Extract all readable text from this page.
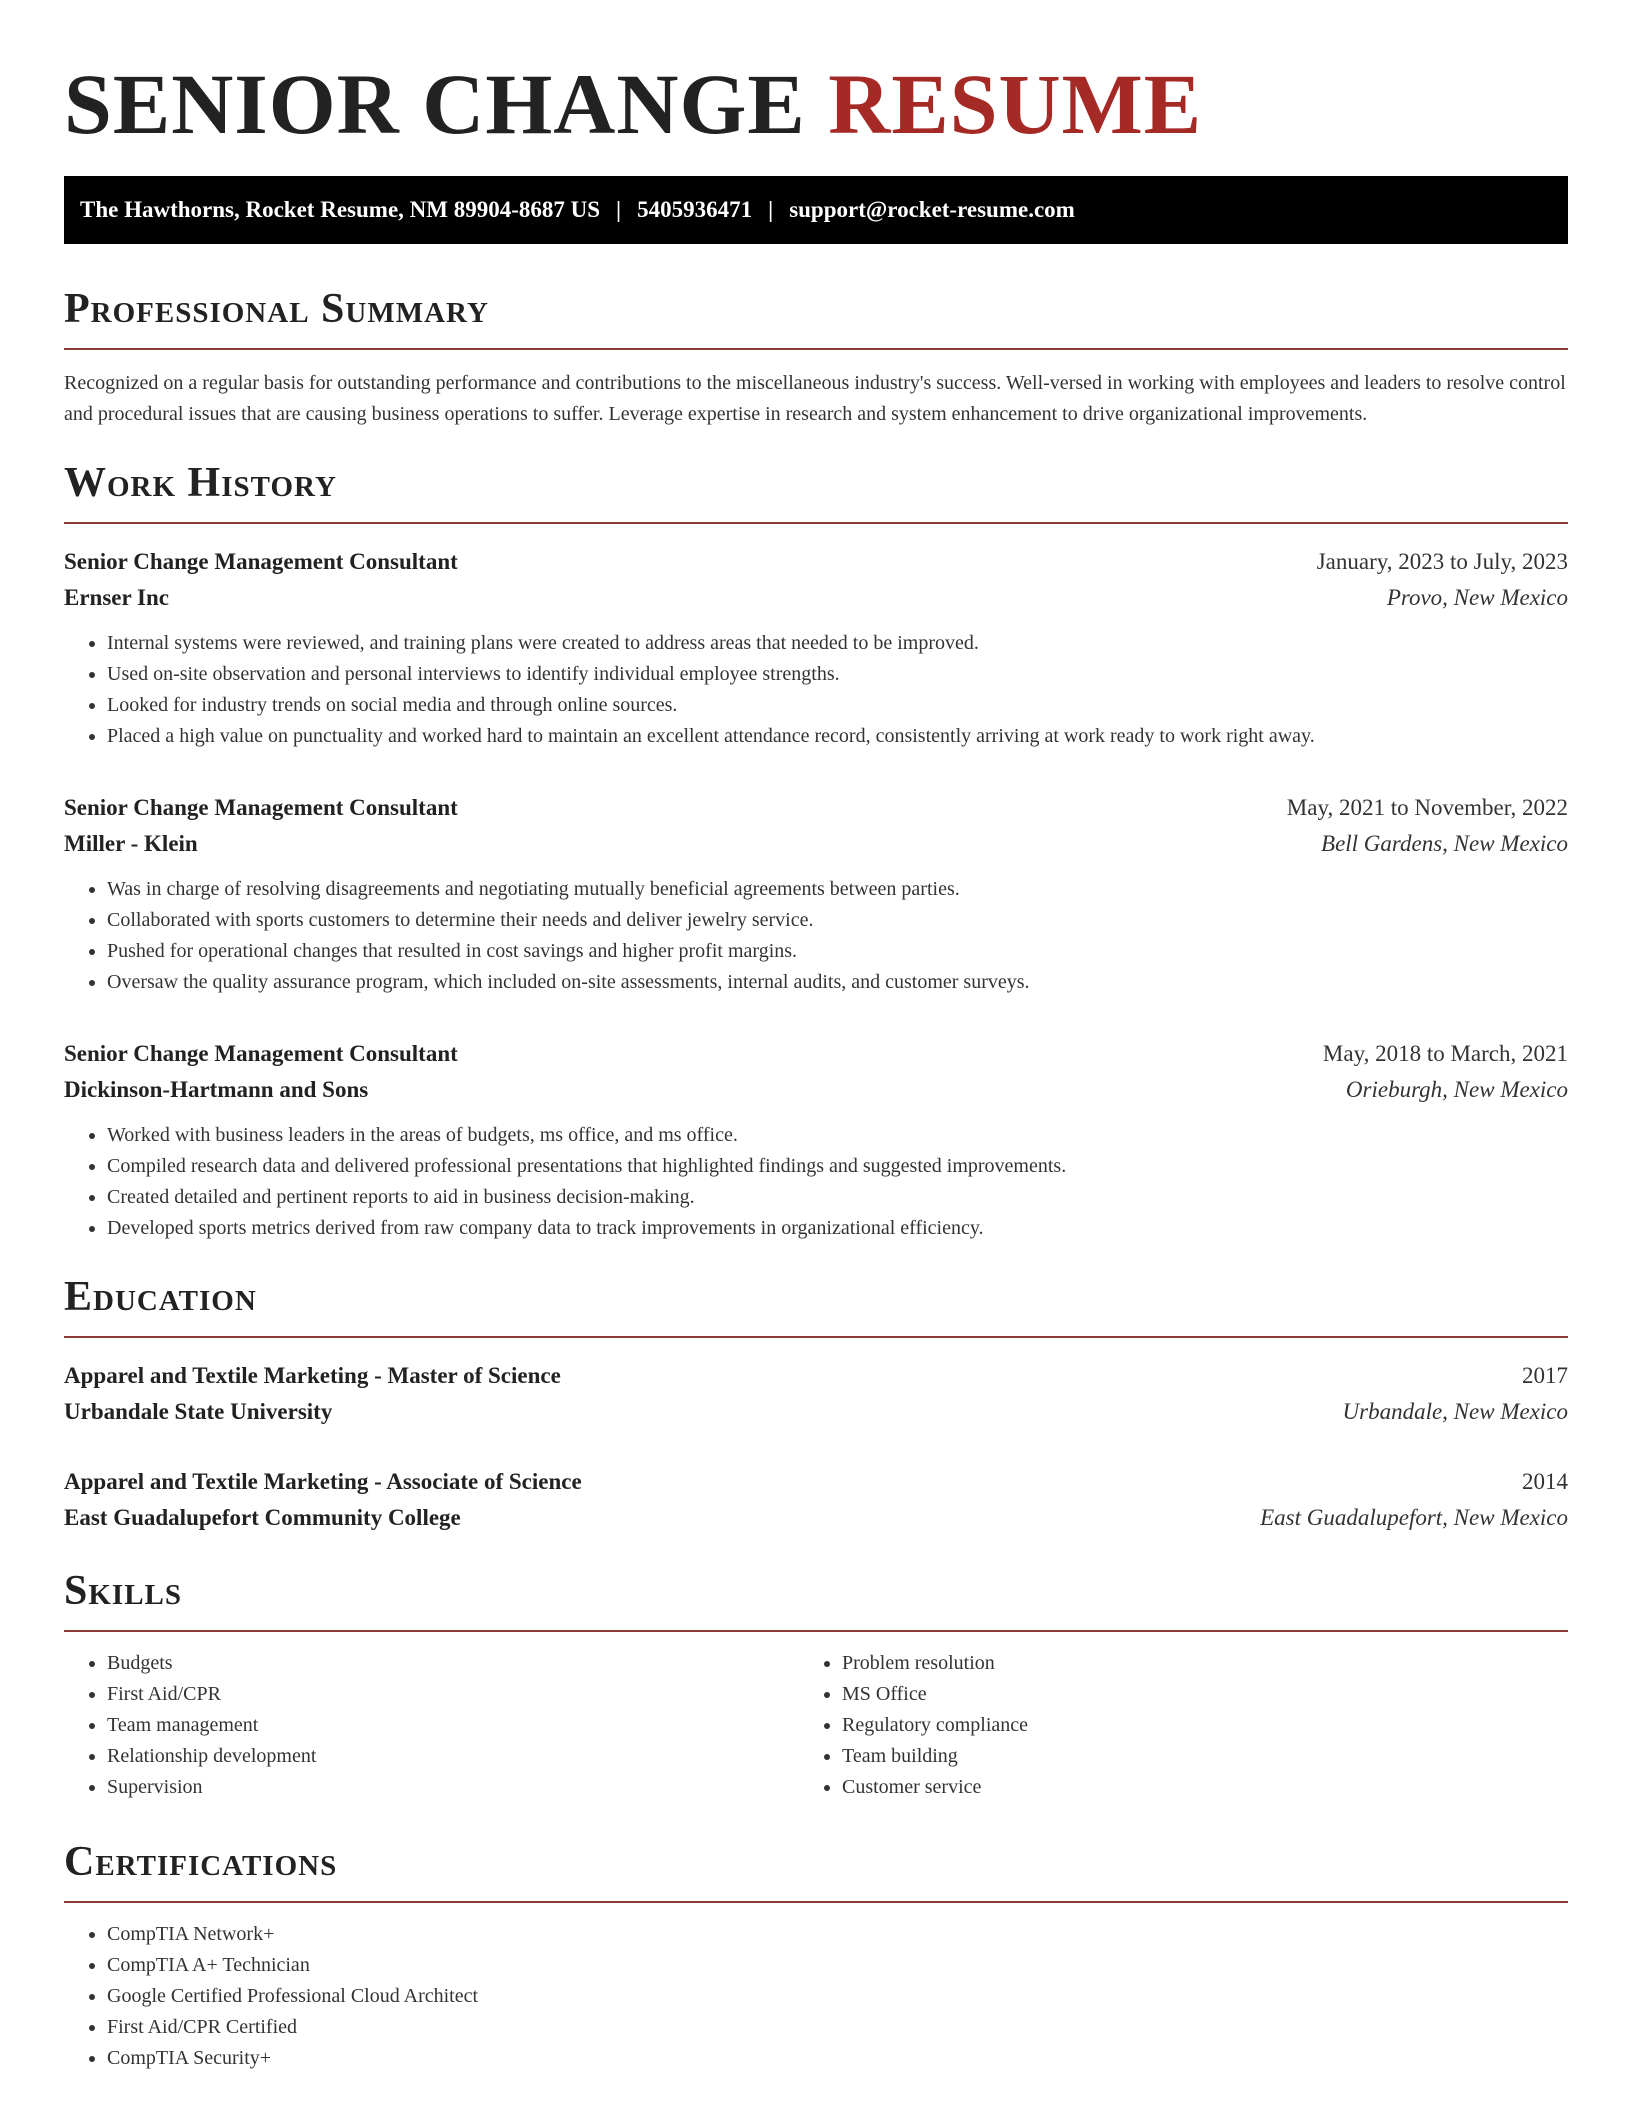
SENIOR CHANGE RESUME
The Hawthorns, Rocket Resume, NM 89904-8687 US | 5405936471 | support@rocket-resume.com
Professional Summary
Recognized on a regular basis for outstanding performance and contributions to the miscellaneous industry's success. Well-versed in working with employees and leaders to resolve control and procedural issues that are causing business operations to suffer. Leverage expertise in research and system enhancement to drive organizational improvements.
Work History
Senior Change Management Consultant	January, 2023 to July, 2023
Ernser Inc	Provo, New Mexico
• Internal systems were reviewed, and training plans were created to address areas that needed to be improved.
• Used on-site observation and personal interviews to identify individual employee strengths.
• Looked for industry trends on social media and through online sources.
• Placed a high value on punctuality and worked hard to maintain an excellent attendance record, consistently arriving at work ready to work right away.
Senior Change Management Consultant	May, 2021 to November, 2022
Miller - Klein	Bell Gardens, New Mexico
• Was in charge of resolving disagreements and negotiating mutually beneficial agreements between parties.
• Collaborated with sports customers to determine their needs and deliver jewelry service.
• Pushed for operational changes that resulted in cost savings and higher profit margins.
• Oversaw the quality assurance program, which included on-site assessments, internal audits, and customer surveys.
Senior Change Management Consultant	May, 2018 to March, 2021
Dickinson-Hartmann and Sons	Orieburgh, New Mexico
• Worked with business leaders in the areas of budgets, ms office, and ms office.
• Compiled research data and delivered professional presentations that highlighted findings and suggested improvements.
• Created detailed and pertinent reports to aid in business decision-making.
• Developed sports metrics derived from raw company data to track improvements in organizational efficiency.
Education
Apparel and Textile Marketing - Master of Science	2017
Urbandale State University	Urbandale, New Mexico
Apparel and Textile Marketing - Associate of Science	2014
East Guadalupefort Community College	East Guadalupefort, New Mexico
Skills
• Budgets
• First Aid/CPR
• Team management
• Relationship development
• Supervision
• Problem resolution
• MS Office
• Regulatory compliance
• Team building
• Customer service
Certifications
• CompTIA Network+
• CompTIA A+ Technician
• Google Certified Professional Cloud Architect
• First Aid/CPR Certified
• CompTIA Security+
